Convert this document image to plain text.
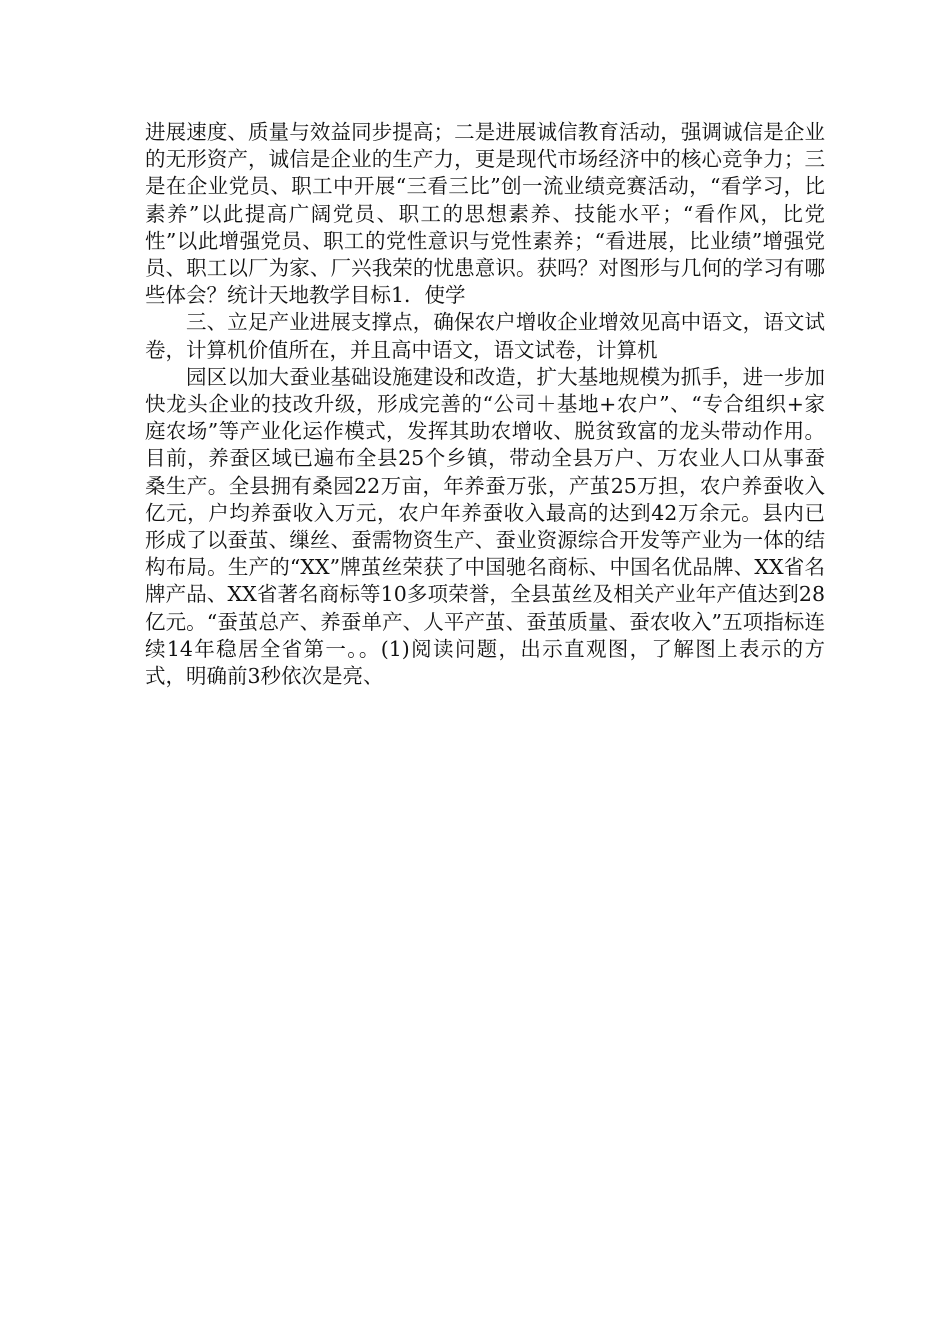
进展速度、质量与效益同步提高；二是进展诚信教育活动，强调诚信是企业的无形资产，诚信是企业的生产力，更是现代市场经济中的核心竞争力；三是在企业党员、职工中开展“三看三比”创一流业绩竞赛活动，“看学习，比素养”以此提高广阔党员、职工的思想素养、技能水平；“看作风，比党性”以此增强党员、职工的党性意识与党性素养；“看进展，比业绩”增强党员、职工以厂为家、厂兴我荣的忧患意识。获吗？对图形与几何的学习有哪些体会？统计天地教学目标1．使学

三、立足产业进展支撑点，确保农户增收企业增效见高中语文，语文试卷，计算机价值所在，并且高中语文，语文试卷，计算机

园区以加大蚕业基础设施建设和改造，扩大基地规模为抓手，进一步加快龙头企业的技改升级，形成完善的“公司＋基地+农户”、“专合组织+家庭农场”等产业化运作模式，发挥其助农增收、脱贫致富的龙头带动作用。目前，养蚕区域已遍布全县25个乡镇，带动全县万户、万农业人口从事蚕桑生产。全县拥有桑园22万亩，年养蚕万张，产茧25万担，农户养蚕收入亿元，户均养蚕收入万元，农户年养蚕收入最高的达到42万余元。县内已形成了以蚕茧、缫丝、蚕需物资生产、蚕业资源综合开发等产业为一体的结构布局。生产的“XX”牌茧丝荣获了中国驰名商标、中国名优品牌、XX省名牌产品、XX省著名商标等10多项荣誉，全县茧丝及相关产业年产值达到28亿元。“蚕茧总产、养蚕单产、人平产茧、蚕茧质量、蚕农收入”五项指标连续14年稳居全省第一。。(1)阅读问题，出示直观图，了解图上表示的方式，明确前3秒依次是亮、
